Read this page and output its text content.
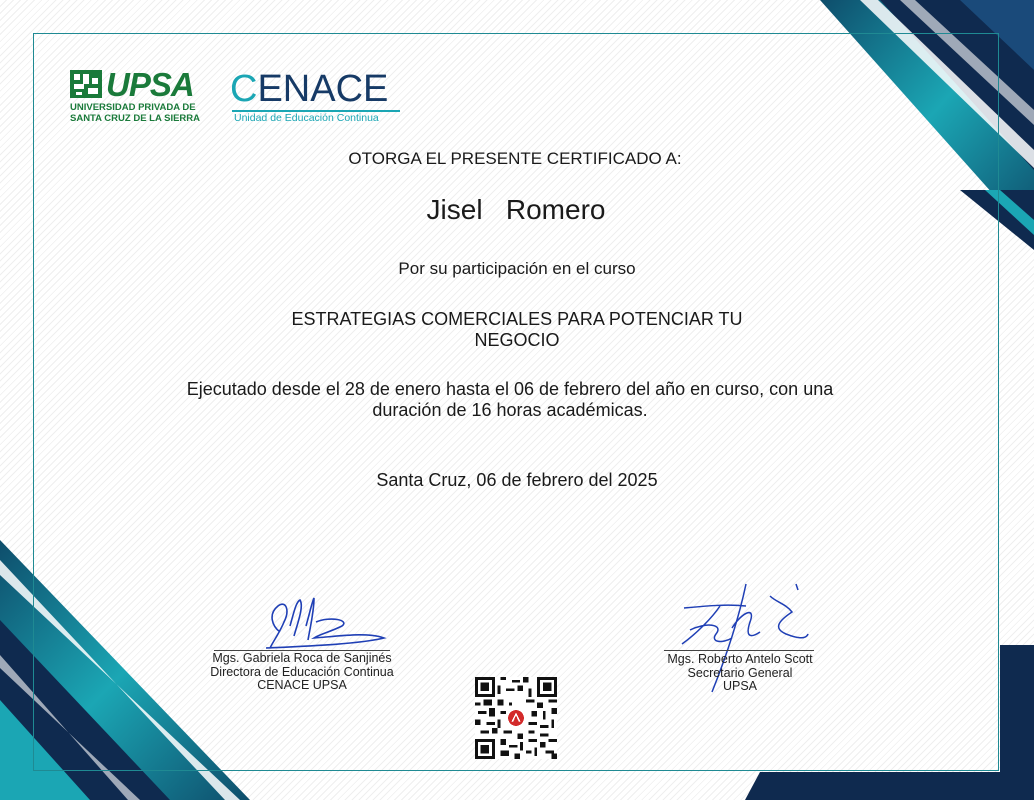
UPSA
UNIVERSIDAD PRIVADA DE
SANTA CRUZ DE LA SIERRA
CENACE
Unidad de Educación Continua
OTORGA EL PRESENTE CERTIFICADO A:
Jisel   Romero
Por su participación en el curso
ESTRATEGIAS COMERCIALES PARA POTENCIAR TU
NEGOCIO
Ejecutado desde el 28 de enero hasta el 06 de febrero del año en curso, con una
duración de 16 horas académicas.
Santa Cruz, 06 de febrero del 2025
Mgs. Gabriela Roca de Sanjinés
Directora de Educación Continua
CENACE UPSA
Mgs. Roberto Antelo Scott
Secretario General
UPSA
